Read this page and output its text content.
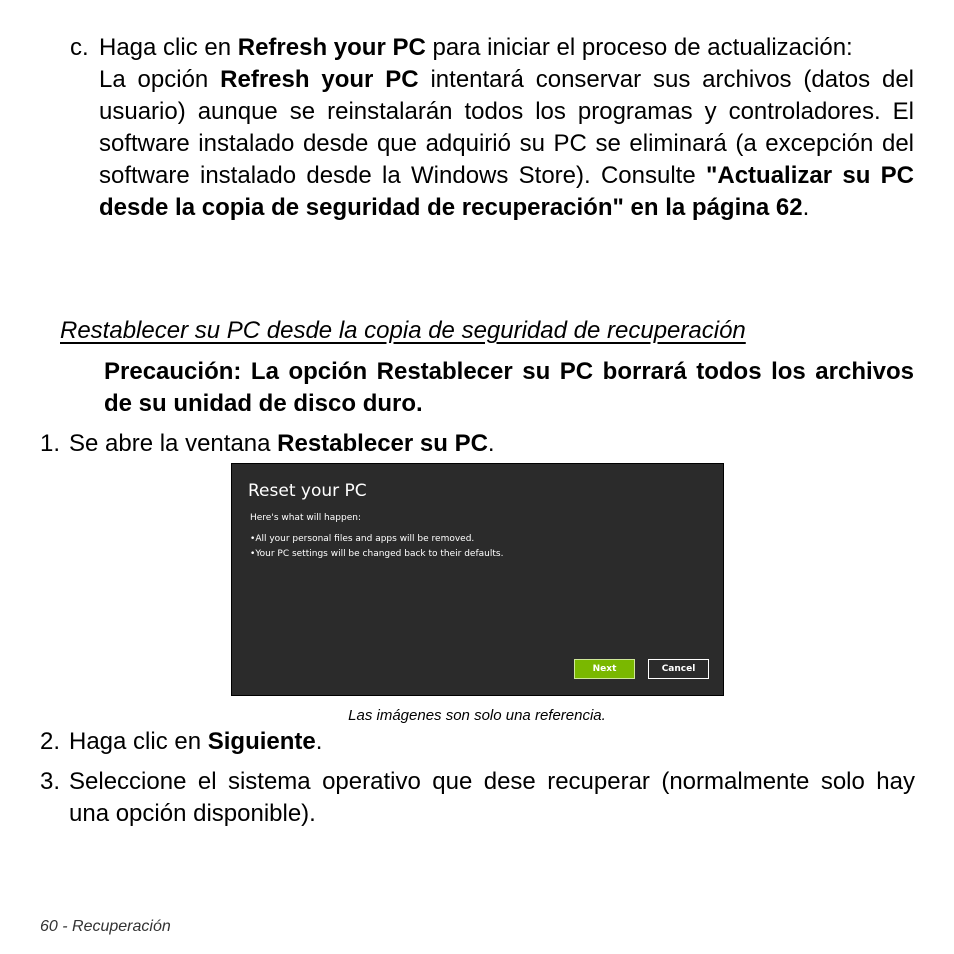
c. Haga clic en Refresh your PC para iniciar el proceso de actualización:
La opción Refresh your PC intentará conservar sus archivos (datos del usuario) aunque se reinstalarán todos los programas y controladores. El software instalado desde que adquirió su PC se eliminará (a excepción del software instalado desde la Windows Store). Consulte "Actualizar su PC desde la copia de seguridad de recuperación" en la página 62.
Restablecer su PC desde la copia de seguridad de recuperación
Precaución: La opción Restablecer su PC borrará todos los archivos de su unidad de disco duro.
1. Se abre la ventana Restablecer su PC.
Reset your PC
Here's what will happen:
• All your personal files and apps will be removed.
• Your PC settings will be changed back to their defaults.
Next	Cancel
Las imágenes son solo una referencia.
2. Haga clic en Siguiente.
3. Seleccione el sistema operativo que dese recuperar (normalmente solo hay una opción disponible).
60 - Recuperación
